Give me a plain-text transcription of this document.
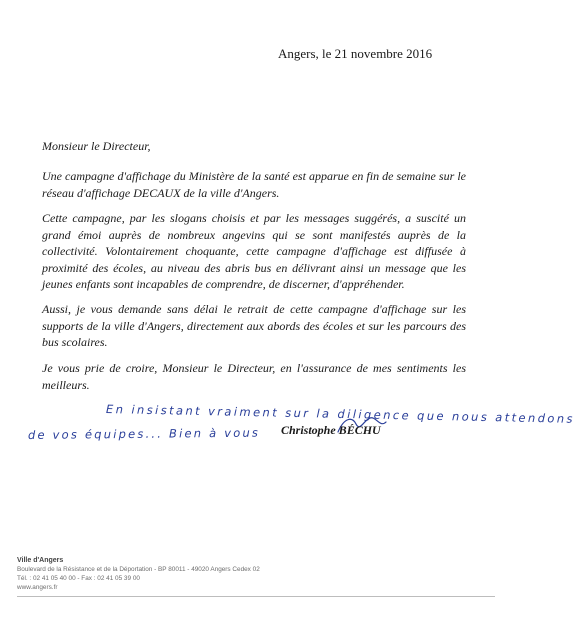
Angers, le 21 novembre 2016
Monsieur le Directeur,

Une campagne d'affichage du Ministère de la santé est apparue en fin de semaine sur le réseau d'affichage DECAUX de la ville d'Angers.

Cette campagne, par les slogans choisis et par les messages suggérés, a suscité un grand émoi auprès de nombreux angevins qui se sont manifestés auprès de la collectivité. Volontairement choquante, cette campagne d'affichage est diffusée à proximité des écoles, au niveau des abris bus en délivrant ainsi un message que les jeunes enfants sont incapables de comprendre, de discerner, d'appréhender.

Aussi, je vous demande sans délai le retrait de cette campagne d'affichage sur les supports de la ville d'Angers, directement aux abords des écoles et sur les parcours des bus scolaires.

Je vous prie de croire, Monsieur le Directeur, en l'assurance de mes sentiments les meilleurs.

En insistant vraiment sur la diligence que nous attendons
de vos équipes... Bien à vous Christophe BÉCHU
Ville d'Angers
Boulevard de la Résistance et de la Déportation - BP 80011 - 49020 Angers Cedex 02
Tél. : 02 41 05 40 00 - Fax : 02 41 05 39 00
www.angers.fr
